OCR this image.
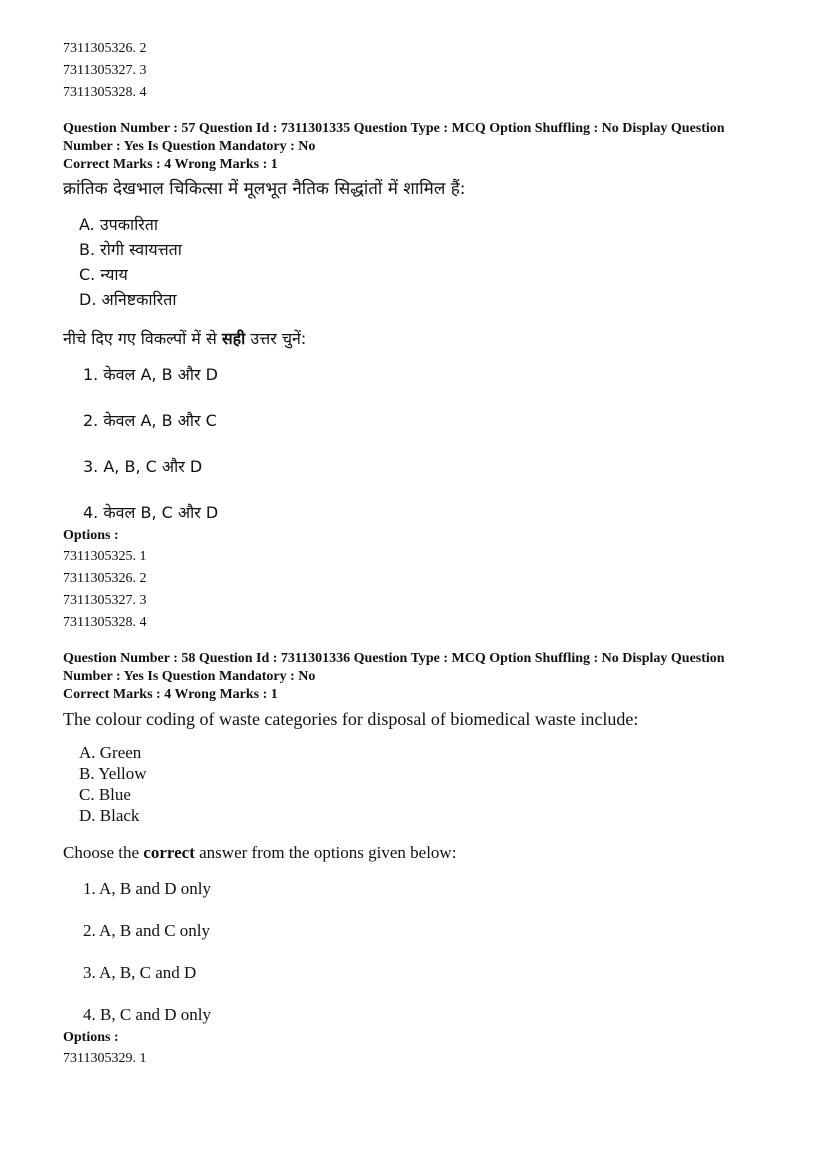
7311305326. 2
7311305327. 3
7311305328. 4
Question Number : 57 Question Id : 7311301335 Question Type : MCQ Option Shuffling : No Display Question
Number : Yes Is Question Mandatory : No
Correct Marks : 4 Wrong Marks : 1
क्रांतिक देखभाल चिकित्सा में मूलभूत नैतिक सिद्धांतों में शामिल हैं:
A. उपकारिता
B. रोगी स्वायत्तता
C. न्याय
D. अनिष्टकारिता
नीचे दिए गए विकल्पों में से सही उत्तर चुनें:
1. केवल A, B और D
2. केवल A, B और C
3. A, B, C और D
4. केवल B, C और D
Options :
7311305325. 1
7311305326. 2
7311305327. 3
7311305328. 4
Question Number : 58 Question Id : 7311301336 Question Type : MCQ Option Shuffling : No Display Question
Number : Yes Is Question Mandatory : No
Correct Marks : 4 Wrong Marks : 1
The colour coding of waste categories for disposal of biomedical waste include:
A. Green
B. Yellow
C. Blue
D. Black
Choose the correct answer from the options given below:
1. A, B and D only
2. A, B and C only
3. A, B, C and D
4. B, C and D only
Options :
7311305329. 1
